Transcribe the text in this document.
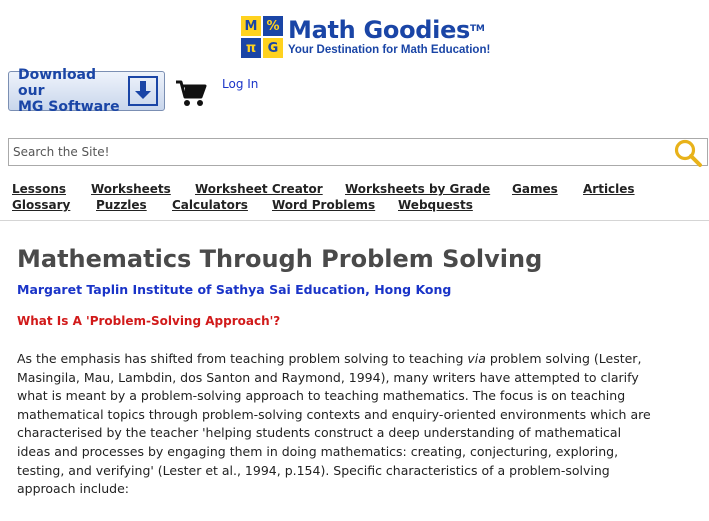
M %
π G
Math Goodies™
Your Destination for Math Education!
Download our
MG Software
Log In
Search the Site!
Lessons Worksheets Worksheet Creator Worksheets by Grade Games Articles
Glossary Puzzles Calculators Word Problems Webquests
Mathematics Through Problem Solving
Margaret Taplin Institute of Sathya Sai Education, Hong Kong
What Is A 'Problem-Solving Approach'?
As the emphasis has shifted from teaching problem solving to teaching via problem solving (Lester,
Masingila, Mau, Lambdin, dos Santon and Raymond, 1994), many writers have attempted to clarify
what is meant by a problem-solving approach to teaching mathematics. The focus is on teaching
mathematical topics through problem-solving contexts and enquiry-oriented environments which are
characterised by the teacher 'helping students construct a deep understanding of mathematical
ideas and processes by engaging them in doing mathematics: creating, conjecturing, exploring,
testing, and verifying' (Lester et al., 1994, p.154). Specific characteristics of a problem-solving
approach include:
